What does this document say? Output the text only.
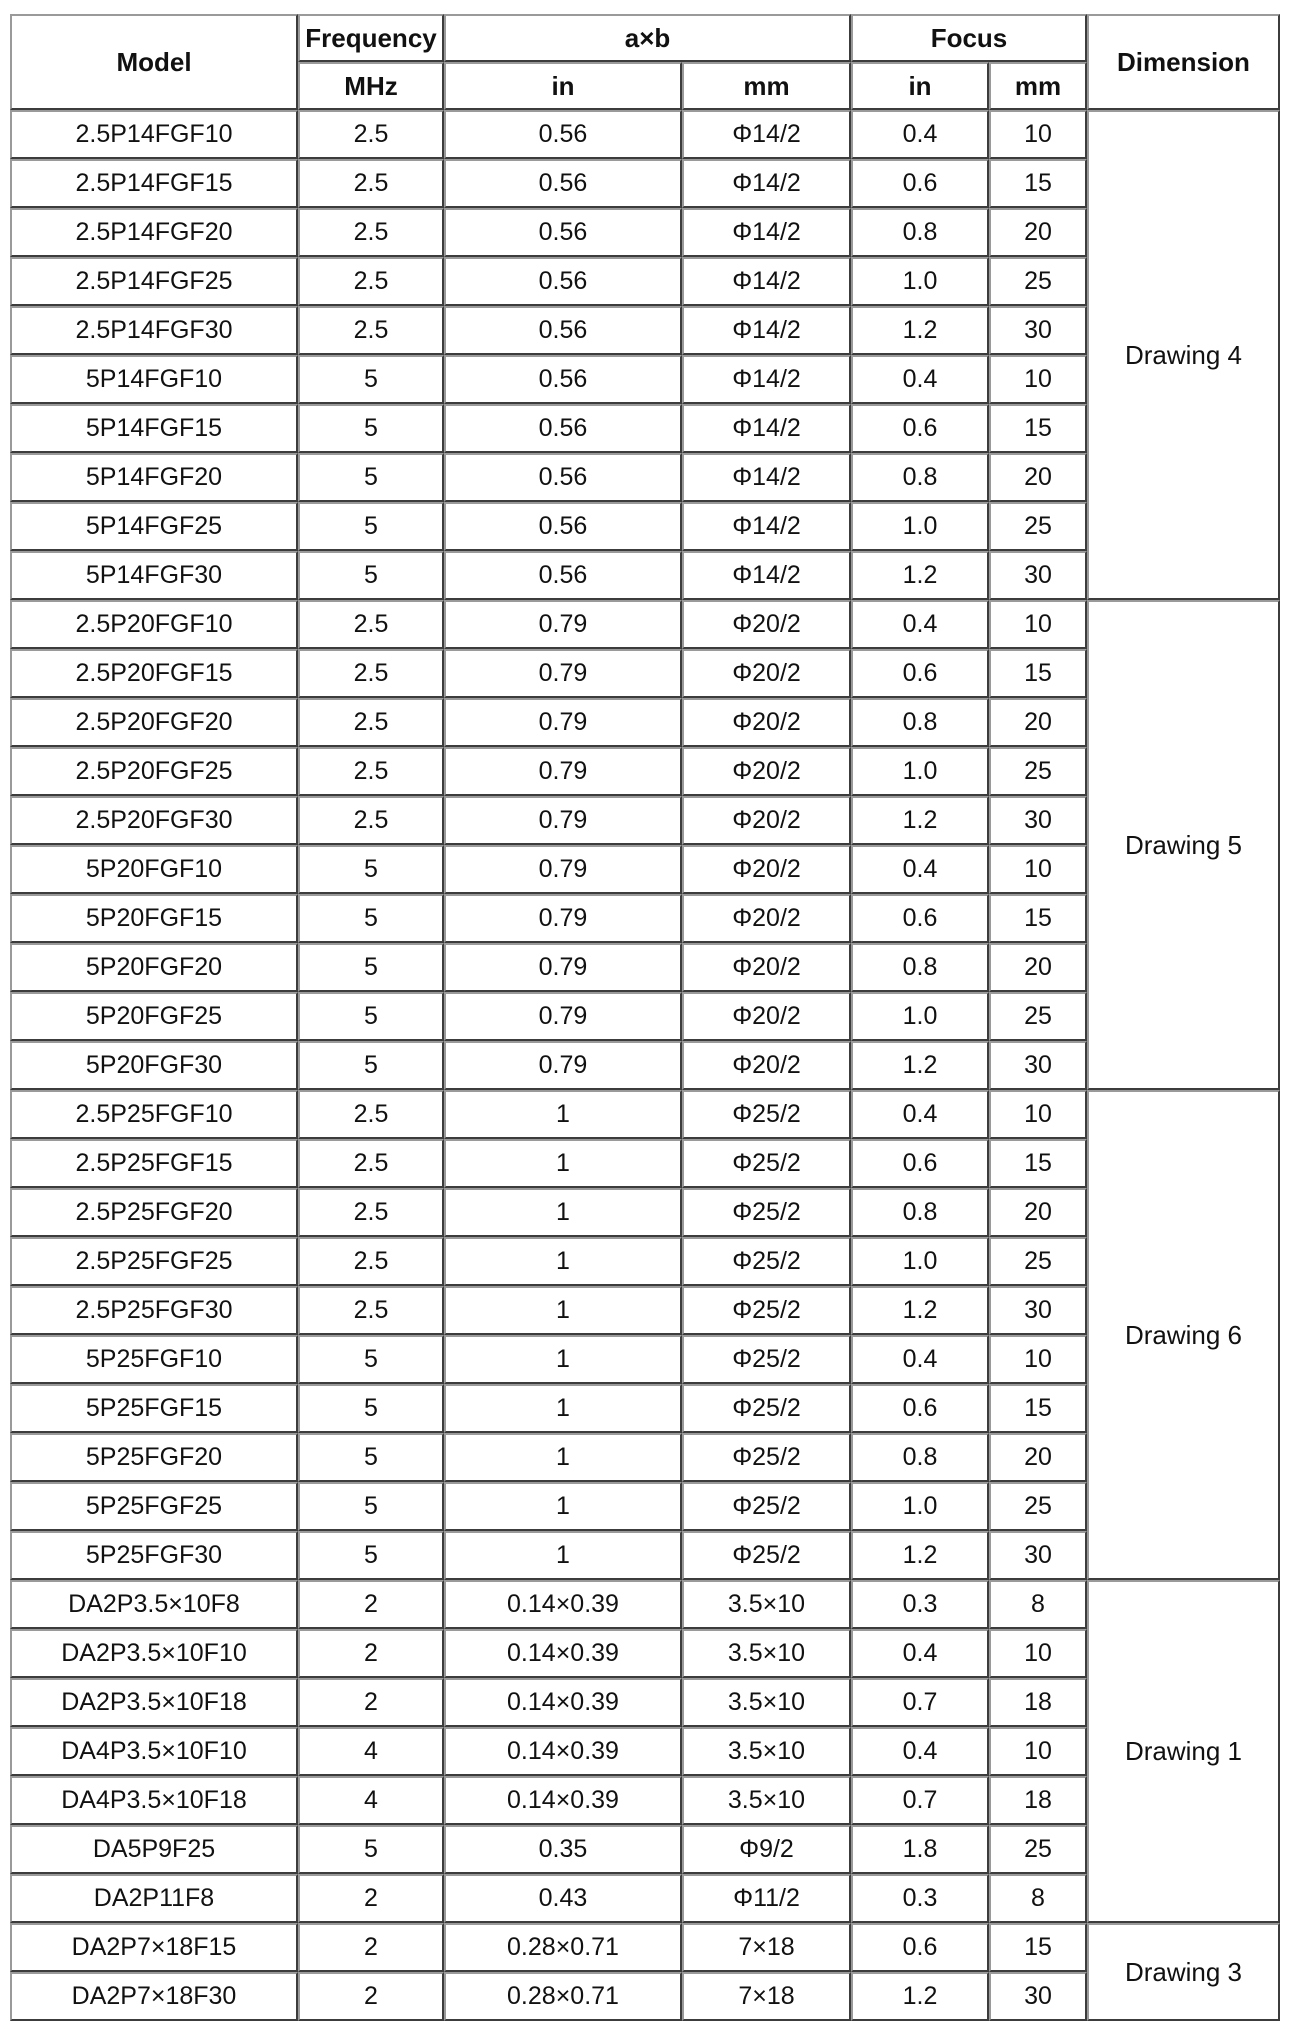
Model	Frequency	a×b		Focus		Dimension
	MHz	in	mm	in	mm	
2.5P14FGF10	2.5	0.56	Φ14/2	0.4	10	Drawing 4
2.5P14FGF15	2.5	0.56	Φ14/2	0.6	15	
2.5P14FGF20	2.5	0.56	Φ14/2	0.8	20	
2.5P14FGF25	2.5	0.56	Φ14/2	1.0	25	
2.5P14FGF30	2.5	0.56	Φ14/2	1.2	30	
5P14FGF10	5	0.56	Φ14/2	0.4	10	
5P14FGF15	5	0.56	Φ14/2	0.6	15	
5P14FGF20	5	0.56	Φ14/2	0.8	20	
5P14FGF25	5	0.56	Φ14/2	1.0	25	
5P14FGF30	5	0.56	Φ14/2	1.2	30	
2.5P20FGF10	2.5	0.79	Φ20/2	0.4	10	Drawing 5
2.5P20FGF15	2.5	0.79	Φ20/2	0.6	15	
2.5P20FGF20	2.5	0.79	Φ20/2	0.8	20	
2.5P20FGF25	2.5	0.79	Φ20/2	1.0	25	
2.5P20FGF30	2.5	0.79	Φ20/2	1.2	30	
5P20FGF10	5	0.79	Φ20/2	0.4	10	
5P20FGF15	5	0.79	Φ20/2	0.6	15	
5P20FGF20	5	0.79	Φ20/2	0.8	20	
5P20FGF25	5	0.79	Φ20/2	1.0	25	
5P20FGF30	5	0.79	Φ20/2	1.2	30	
2.5P25FGF10	2.5	1	Φ25/2	0.4	10	Drawing 6
2.5P25FGF15	2.5	1	Φ25/2	0.6	15	
2.5P25FGF20	2.5	1	Φ25/2	0.8	20	
2.5P25FGF25	2.5	1	Φ25/2	1.0	25	
2.5P25FGF30	2.5	1	Φ25/2	1.2	30	
5P25FGF10	5	1	Φ25/2	0.4	10	
5P25FGF15	5	1	Φ25/2	0.6	15	
5P25FGF20	5	1	Φ25/2	0.8	20	
5P25FGF25	5	1	Φ25/2	1.0	25	
5P25FGF30	5	1	Φ25/2	1.2	30	
DA2P3.5×10F8	2	0.14×0.39	3.5×10	0.3	8	Drawing 1
DA2P3.5×10F10	2	0.14×0.39	3.5×10	0.4	10	
DA2P3.5×10F18	2	0.14×0.39	3.5×10	0.7	18	
DA4P3.5×10F10	4	0.14×0.39	3.5×10	0.4	10	
DA4P3.5×10F18	4	0.14×0.39	3.5×10	0.7	18	
DA5P9F25	5	0.35	Φ9/2	1.8	25	
DA2P11F8	2	0.43	Φ11/2	0.3	8	
DA2P7×18F15	2	0.28×0.71	7×18	0.6	15	Drawing 3
DA2P7×18F30	2	0.28×0.71	7×18	1.2	30	
